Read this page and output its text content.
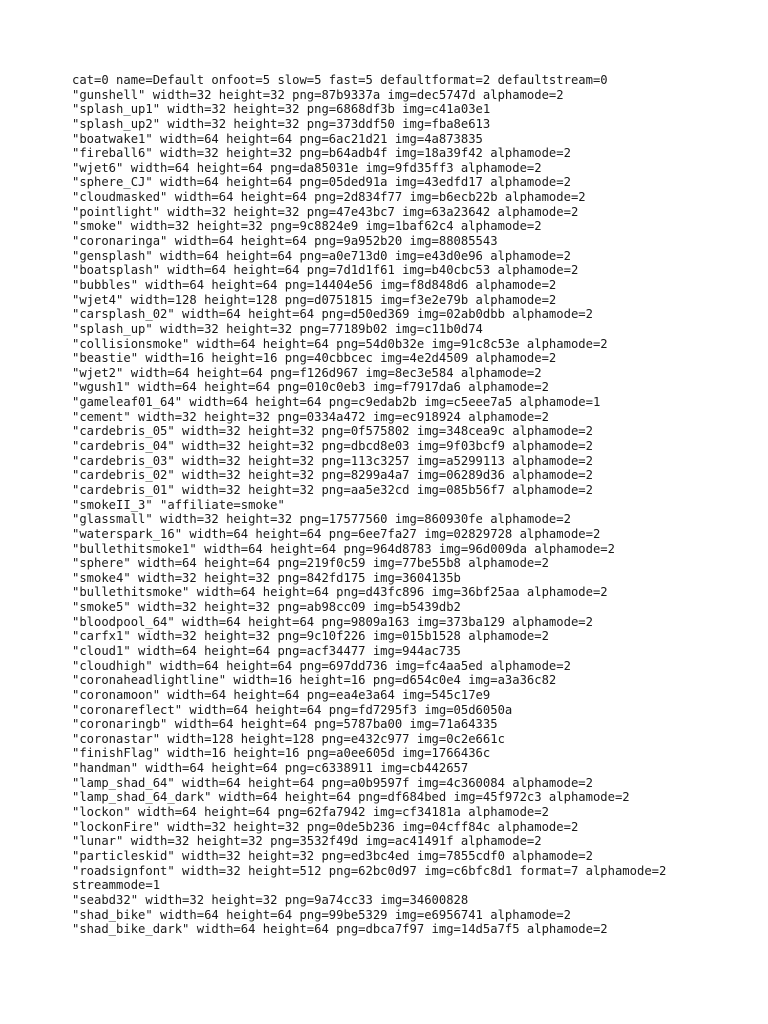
cat=0 name=Default onfoot=5 slow=5 fast=5 defaultformat=2 defaultstream=0
"gunshell" width=32 height=32 png=87b9337a img=dec5747d alphamode=2
"splash_up1" width=32 height=32 png=6868df3b img=c41a03e1
"splash_up2" width=32 height=32 png=373ddf50 img=fba8e613
"boatwake1" width=64 height=64 png=6ac21d21 img=4a873835
"fireball6" width=32 height=32 png=b64adb4f img=18a39f42 alphamode=2
"wjet6" width=64 height=64 png=da85031e img=9fd35ff3 alphamode=2
"sphere_CJ" width=64 height=64 png=05ded91a img=43edfd17 alphamode=2
"cloudmasked" width=64 height=64 png=2d834f77 img=b6ecb22b alphamode=2
"pointlight" width=32 height=32 png=47e43bc7 img=63a23642 alphamode=2
"smoke" width=32 height=32 png=9c8824e9 img=1baf62c4 alphamode=2
"coronaringa" width=64 height=64 png=9a952b20 img=88085543
"gensplash" width=64 height=64 png=a0e713d0 img=e43d0e96 alphamode=2
"boatsplash" width=64 height=64 png=7d1d1f61 img=b40cbc53 alphamode=2
"bubbles" width=64 height=64 png=14404e56 img=f8d848d6 alphamode=2
"wjet4" width=128 height=128 png=d0751815 img=f3e2e79b alphamode=2
"carsplash_02" width=64 height=64 png=d50ed369 img=02ab0dbb alphamode=2
"splash_up" width=32 height=32 png=77189b02 img=c11b0d74
"collisionsmoke" width=64 height=64 png=54d0b32e img=91c8c53e alphamode=2
"beastie" width=16 height=16 png=40cbbcec img=4e2d4509 alphamode=2
"wjet2" width=64 height=64 png=f126d967 img=8ec3e584 alphamode=2
"wgush1" width=64 height=64 png=010c0eb3 img=f7917da6 alphamode=2
"gameleaf01_64" width=64 height=64 png=c9edab2b img=c5eee7a5 alphamode=1
"cement" width=32 height=32 png=0334a472 img=ec918924 alphamode=2
"cardebris_05" width=32 height=32 png=0f575802 img=348cea9c alphamode=2
"cardebris_04" width=32 height=32 png=dbcd8e03 img=9f03bcf9 alphamode=2
"cardebris_03" width=32 height=32 png=113c3257 img=a5299113 alphamode=2
"cardebris_02" width=32 height=32 png=8299a4a7 img=06289d36 alphamode=2
"cardebris_01" width=32 height=32 png=aa5e32cd img=085b56f7 alphamode=2
"smokeII_3" "affiliate=smoke"
"glassmall" width=32 height=32 png=17577560 img=860930fe alphamode=2
"waterspark_16" width=64 height=64 png=6ee7fa27 img=02829728 alphamode=2
"bullethitsmoke1" width=64 height=64 png=964d8783 img=96d009da alphamode=2
"sphere" width=64 height=64 png=219f0c59 img=77be55b8 alphamode=2
"smoke4" width=32 height=32 png=842fd175 img=3604135b
"bullethitsmoke" width=64 height=64 png=d43fc896 img=36bf25aa alphamode=2
"smoke5" width=32 height=32 png=ab98cc09 img=b5439db2
"bloodpool_64" width=64 height=64 png=9809a163 img=373ba129 alphamode=2
"carfx1" width=32 height=32 png=9c10f226 img=015b1528 alphamode=2
"cloud1" width=64 height=64 png=acf34477 img=944ac735
"cloudhigh" width=64 height=64 png=697dd736 img=fc4aa5ed alphamode=2
"coronaheadlightline" width=16 height=16 png=d654c0e4 img=a3a36c82
"coronamoon" width=64 height=64 png=ea4e3a64 img=545c17e9
"coronareflect" width=64 height=64 png=fd7295f3 img=05d6050a
"coronaringb" width=64 height=64 png=5787ba00 img=71a64335
"coronastar" width=128 height=128 png=e432c977 img=0c2e661c
"finishFlag" width=16 height=16 png=a0ee605d img=1766436c
"handman" width=64 height=64 png=c6338911 img=cb442657
"lamp_shad_64" width=64 height=64 png=a0b9597f img=4c360084 alphamode=2
"lamp_shad_64_dark" width=64 height=64 png=df684bed img=45f972c3 alphamode=2
"lockon" width=64 height=64 png=62fa7942 img=cf34181a alphamode=2
"lockonFire" width=32 height=32 png=0de5b236 img=04cff84c alphamode=2
"lunar" width=32 height=32 png=3532f49d img=ac41491f alphamode=2
"particleskid" width=32 height=32 png=ed3bc4ed img=7855cdf0 alphamode=2
"roadsignfont" width=32 height=512 png=62bc0d97 img=c6bfc8d1 format=7 alphamode=2
streammode=1
"seabd32" width=32 height=32 png=9a74cc33 img=34600828
"shad_bike" width=64 height=64 png=99be5329 img=e6956741 alphamode=2
"shad_bike_dark" width=64 height=64 png=dbca7f97 img=14d5a7f5 alphamode=2
